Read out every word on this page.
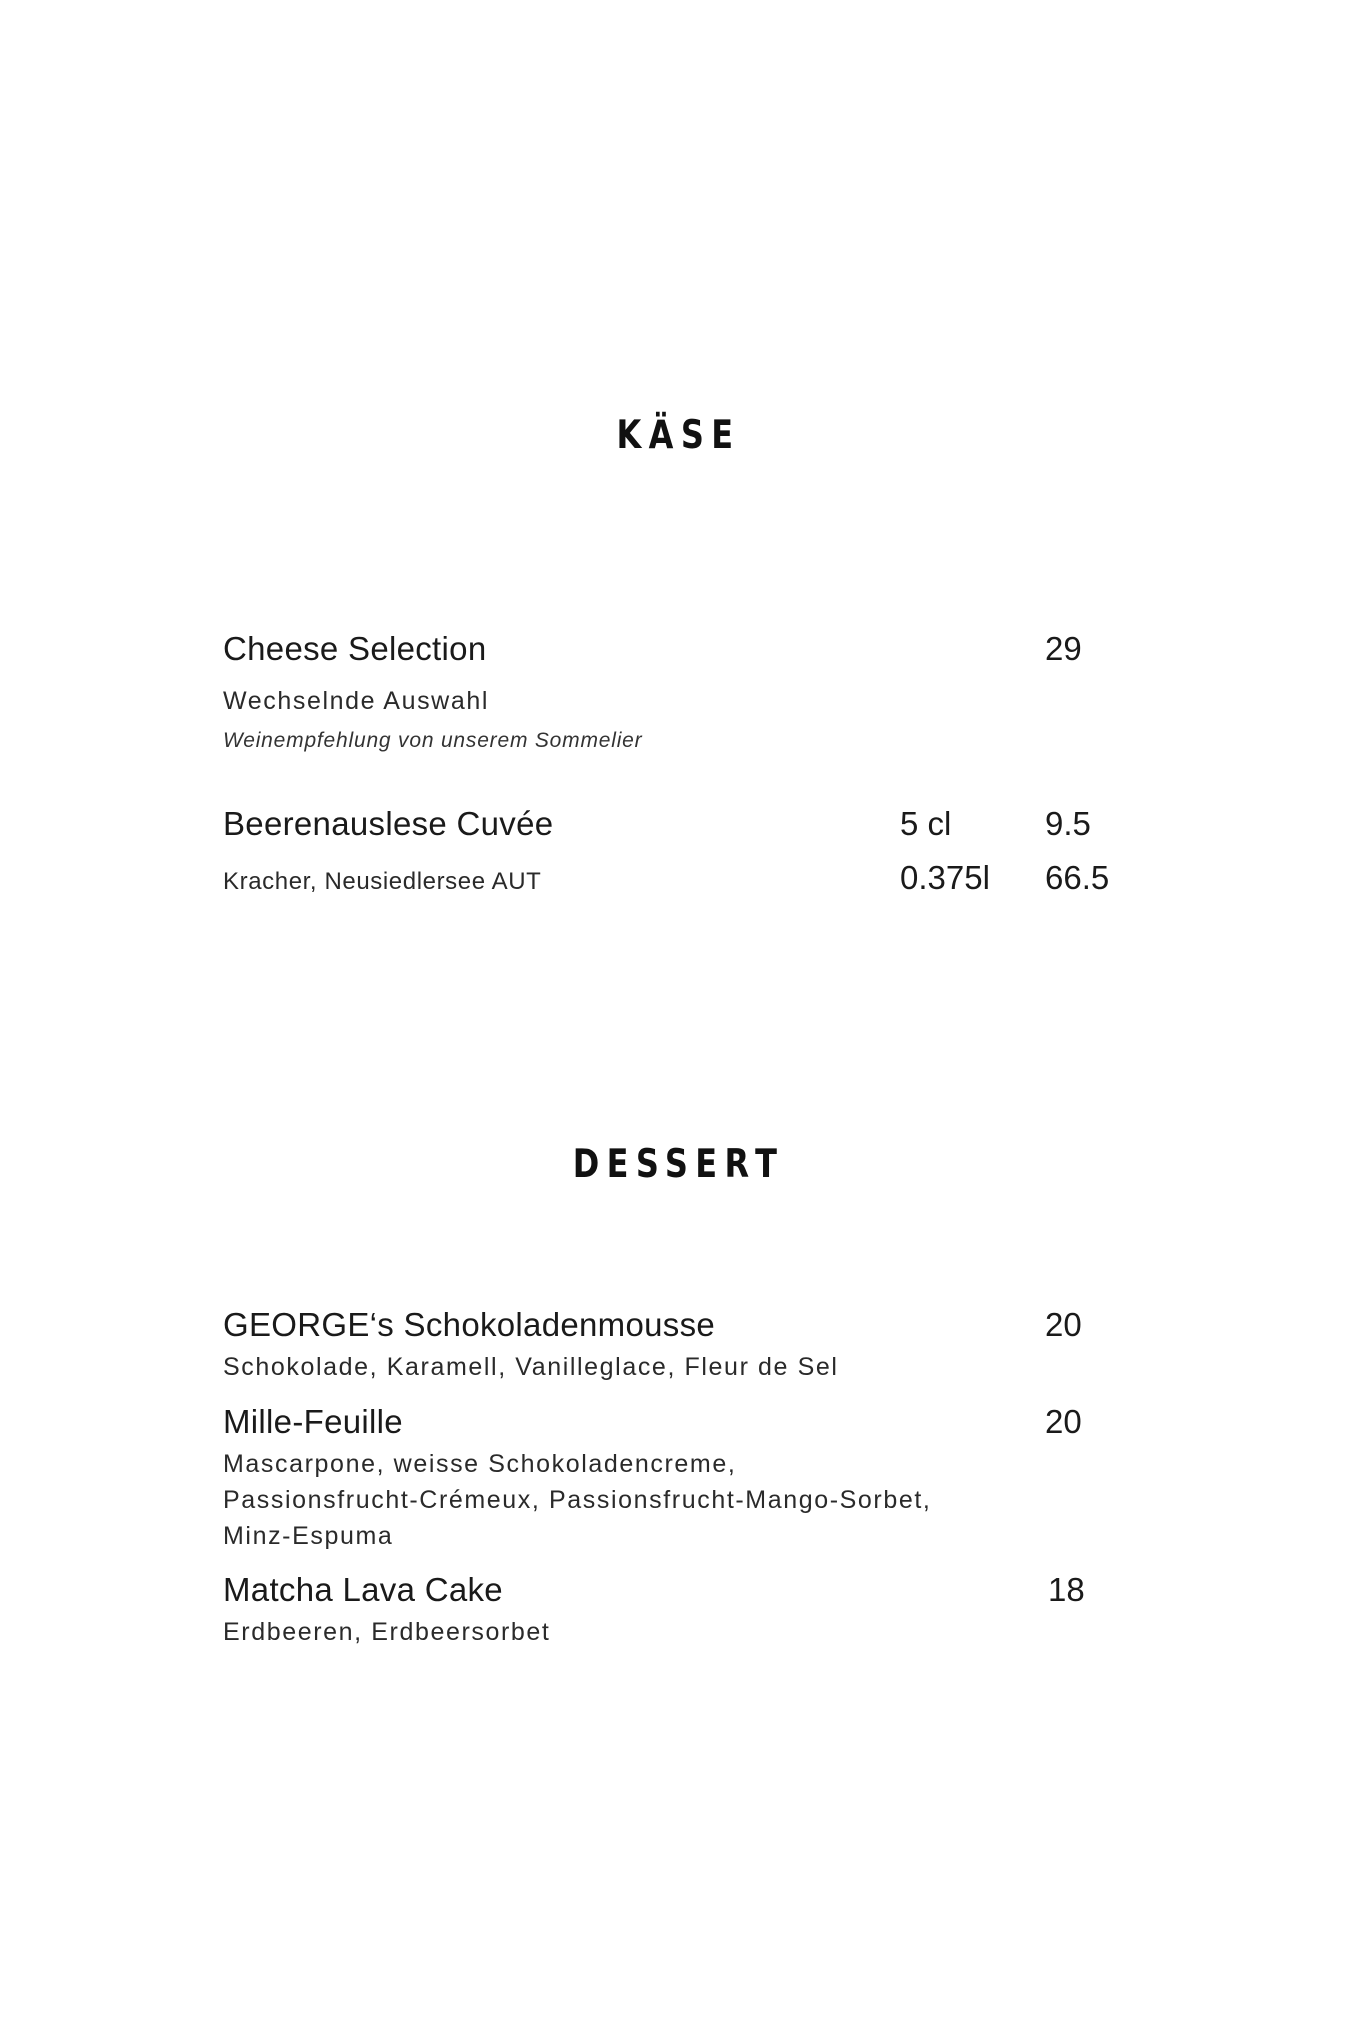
KÄSE
Cheese Selection	29
Wechselnde Auswahl
Weinempfehlung von unserem Sommelier
Beerenauslese Cuvée	5 cl	9.5
Kracher, Neusiedlersee AUT	0.375l 66.5
DESSERT
GEORGE‘s Schokoladenmousse	20
Schokolade, Karamell, Vanilleglace, Fleur de Sel
Mille-Feuille	20
Mascarpone, weisse Schokoladencreme,
Passionsfrucht-Crémeux, Passionsfrucht-Mango-Sorbet,
Minz-Espuma
Matcha Lava Cake	18
Erdbeeren, Erdbeersorbet
